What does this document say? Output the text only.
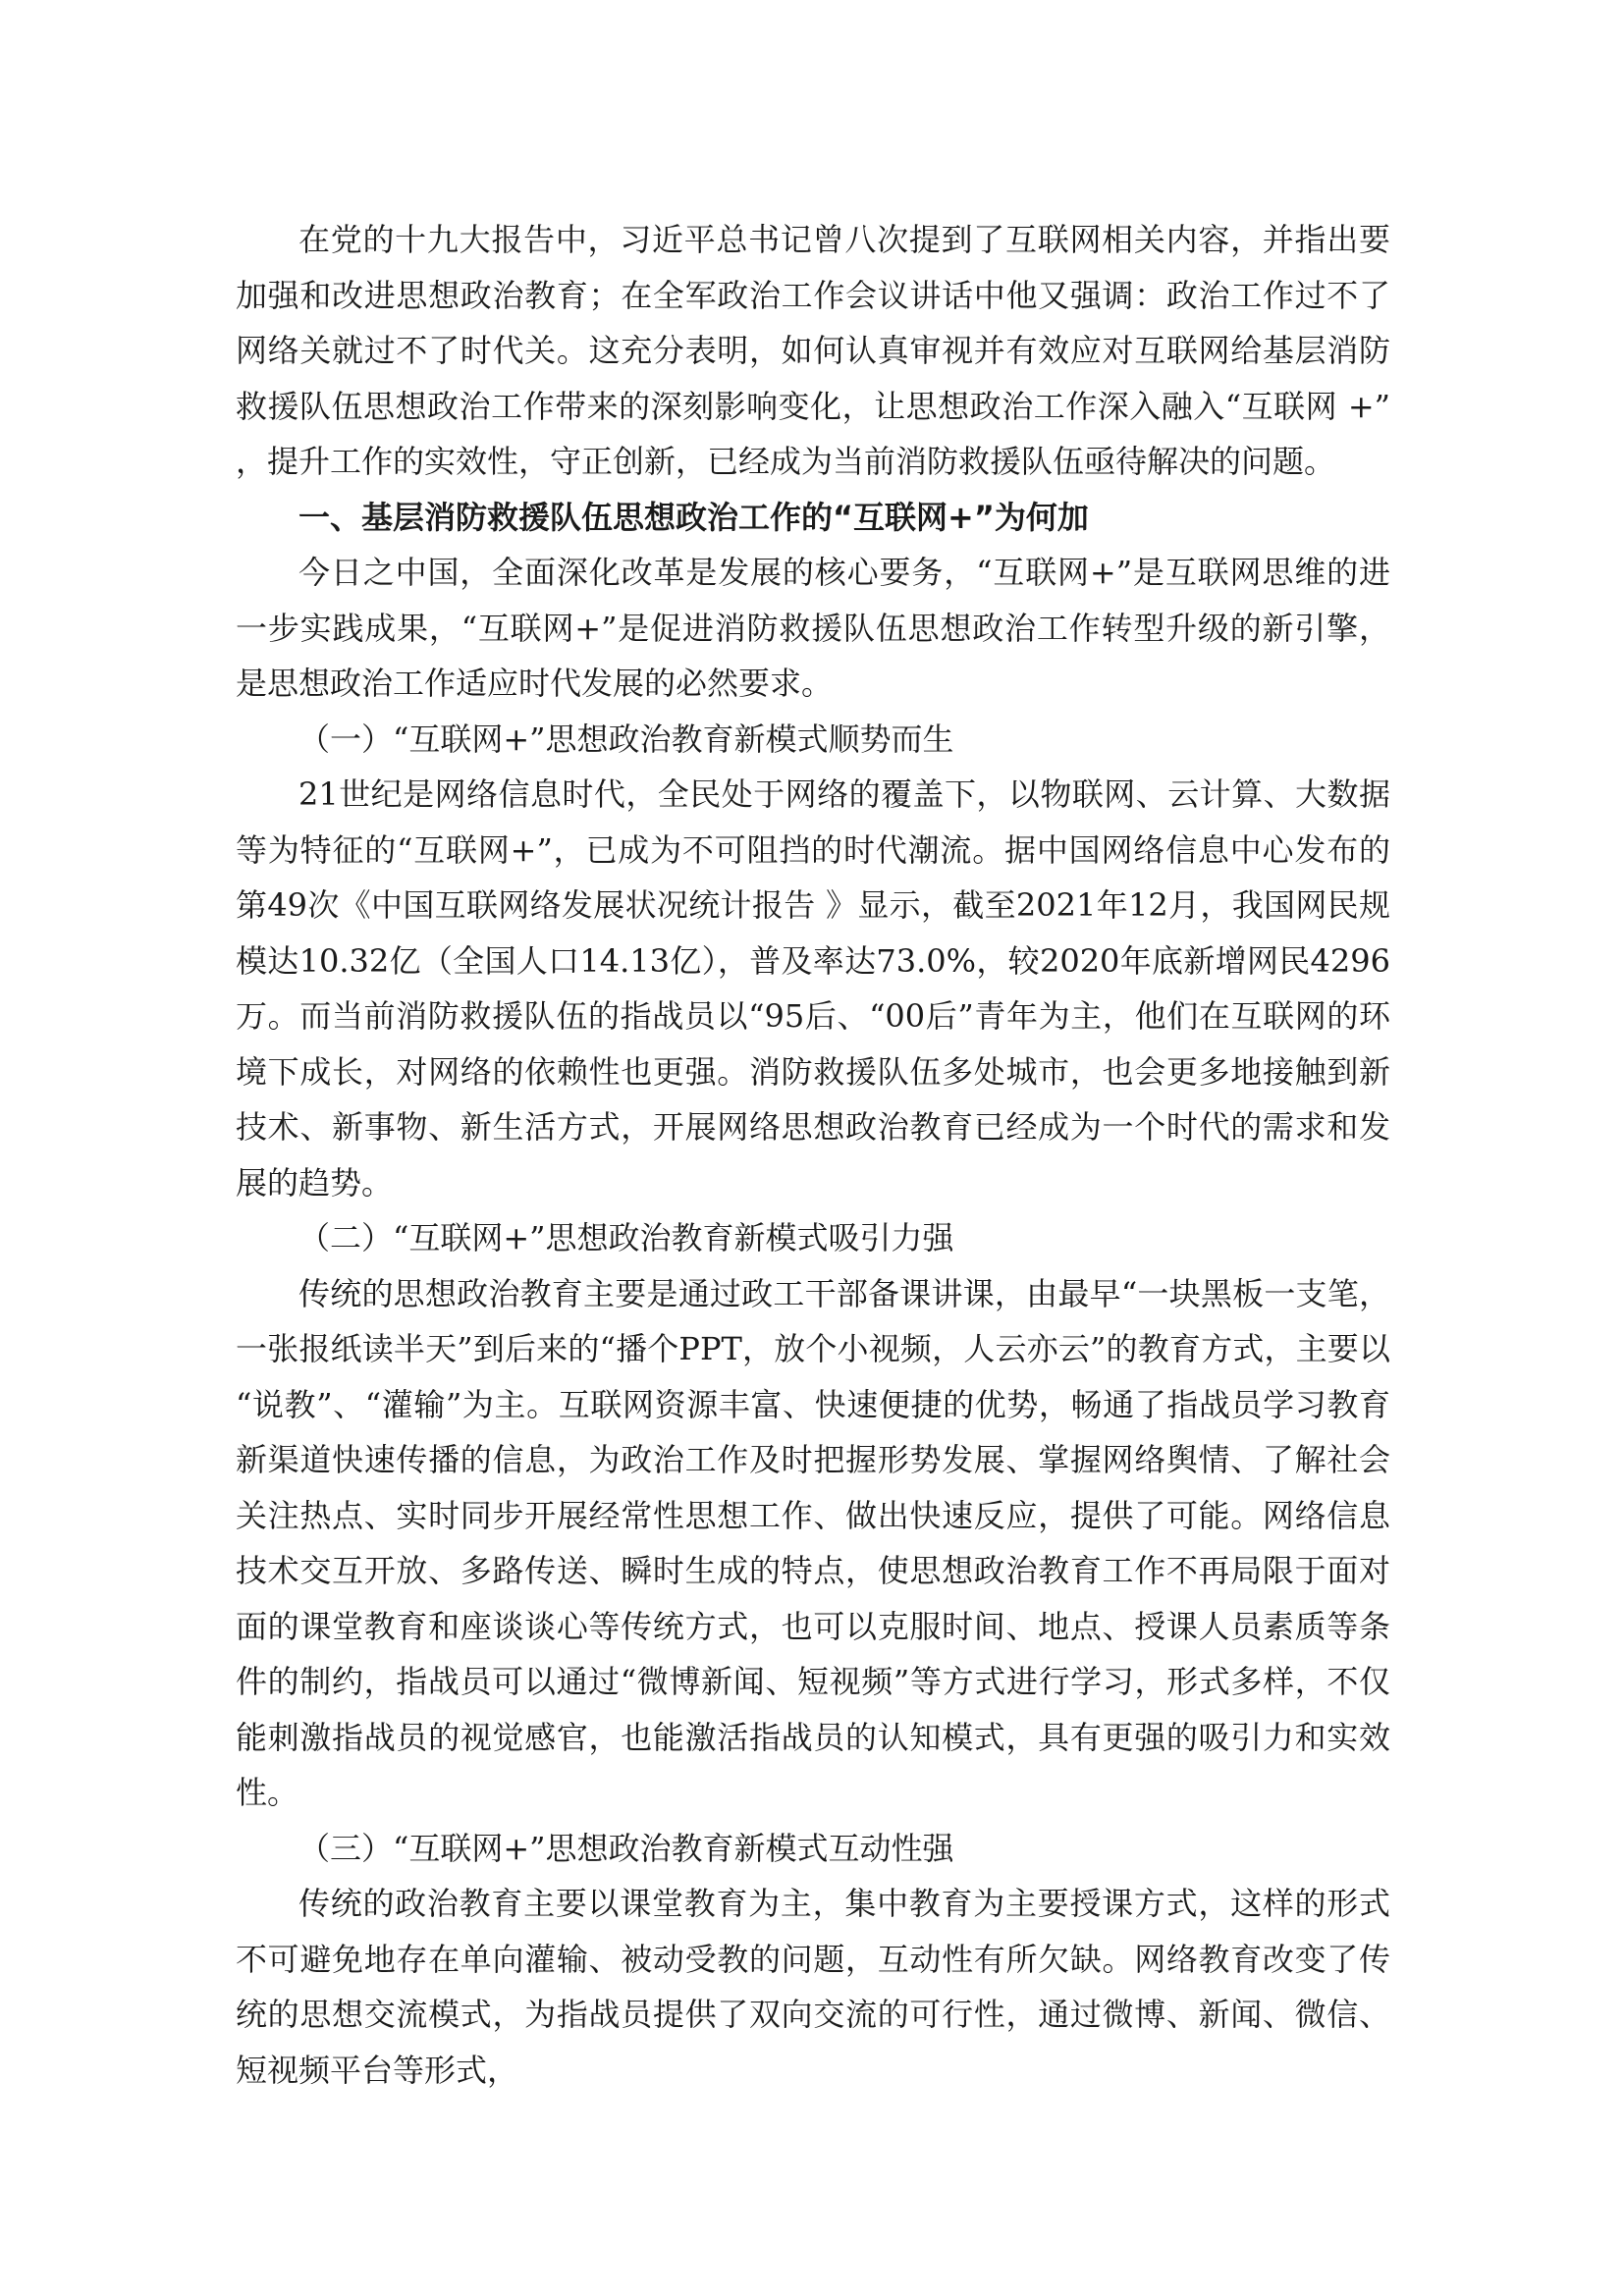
在党的十九大报告中，习近平总书记曾八次提到了互联网相关内容，并指出要加强和改进思想政治教育；在全军政治工作会议讲话中他又强调：政治工作过不了网络关就过不了时代关。这充分表明，如何认真审视并有效应对互联网给基层消防救援队伍思想政治工作带来的深刻影响变化，让思想政治工作深入融入“互联网 +”，提升工作的实效性，守正创新，已经成为当前消防救援队伍亟待解决的问题。

一、基层消防救援队伍思想政治工作的“互联网+”为何加

今日之中国，全面深化改革是发展的核心要务，“互联网+”是互联网思维的进一步实践成果，“互联网+”是促进消防救援队伍思想政治工作转型升级的新引擎，是思想政治工作适应时代发展的必然要求。

（一）“互联网+”思想政治教育新模式顺势而生

21世纪是网络信息时代，全民处于网络的覆盖下，以物联网、云计算、大数据等为特征的“互联网+”，已成为不可阻挡的时代潮流。据中国网络信息中心发布的第49次《中国互联网络发展状况统计报告 》显示，截至2021年12月，我国网民规模达10.32亿（全国人口14.13亿），普及率达73.0%，较2020年底新增网民4296万。而当前消防救援队伍的指战员以“95后、“00后”青年为主，他们在互联网的环境下成长，对网络的依赖性也更强。消防救援队伍多处城市，也会更多地接触到新技术、新事物、新生活方式，开展网络思想政治教育已经成为一个时代的需求和发展的趋势。

（二）“互联网+”思想政治教育新模式吸引力强

传统的思想政治教育主要是通过政工干部备课讲课，由最早“一块黑板一支笔，一张报纸读半天”到后来的“播个PPT，放个小视频，人云亦云”的教育方式，主要以“说教”、“灌输”为主。互联网资源丰富、快速便捷的优势，畅通了指战员学习教育新渠道快速传播的信息，为政治工作及时把握形势发展、掌握网络舆情、了解社会关注热点、实时同步开展经常性思想工作、做出快速反应，提供了可能。网络信息技术交互开放、多路传送、瞬时生成的特点，使思想政治教育工作不再局限于面对面的课堂教育和座谈谈心等传统方式，也可以克服时间、地点、授课人员素质等条件的制约，指战员可以通过“微博新闻、短视频”等方式进行学习，形式多样，不仅能刺激指战员的视觉感官，也能激活指战员的认知模式，具有更强的吸引力和实效性。

（三）“互联网+”思想政治教育新模式互动性强

传统的政治教育主要以课堂教育为主，集中教育为主要授课方式，这样的形式不可避免地存在单向灌输、被动受教的问题，互动性有所欠缺。网络教育改变了传统的思想交流模式，为指战员提供了双向交流的可行性，通过微博、新闻、微信、短视频平台等形式，
